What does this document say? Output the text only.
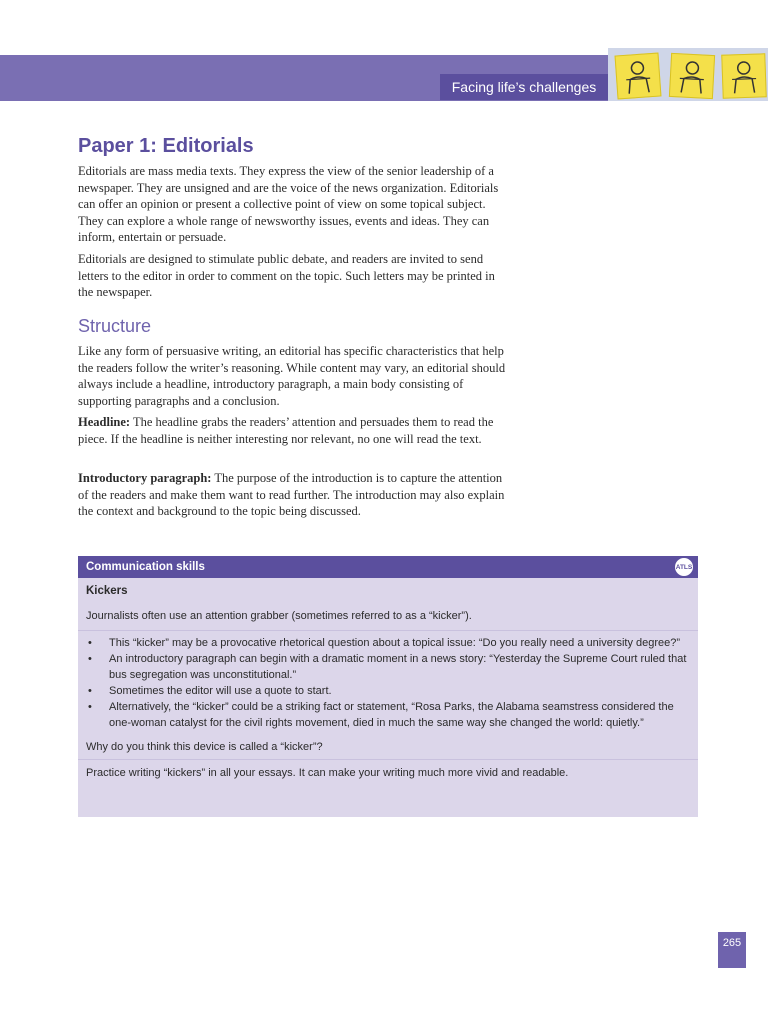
Facing life’s challenges
Paper 1: Editorials

Editorials are mass media texts. They express the view of the senior leadership of a newspaper. They are unsigned and are the voice of the news organization. Editorials can offer an opinion or present a collective point of view on some topical subject. They can explore a whole range of newsworthy issues, events and ideas. They can inform, entertain or persuade.

Editorials are designed to stimulate public debate, and readers are invited to send letters to the editor in order to comment on the topic. Such letters may be printed in the newspaper.

Structure

Like any form of persuasive writing, an editorial has specific characteristics that help the readers follow the writer’s reasoning. While content may vary, an editorial should always include a headline, introductory paragraph, a main body consisting of supporting paragraphs and a conclusion.

Headline: The headline grabs the readers’ attention and persuades them to read the piece. If the headline is neither interesting nor relevant, no one will read the text.

Introductory paragraph: The purpose of the introduction is to capture the attention of the readers and make them want to read further. The introduction may also explain the context and background to the topic being discussed.

Communication skills	ATLS
Kickers
Journalists often use an attention grabber (sometimes referred to as a “kicker”).
• This “kicker” may be a provocative rhetorical question about a topical issue: “Do you really need a university degree?”
• An introductory paragraph can begin with a dramatic moment in a news story: “Yesterday the Supreme Court ruled that bus segregation was unconstitutional.”
• Sometimes the editor will use a quote to start.
• Alternatively, the “kicker” could be a striking fact or statement, “Rosa Parks, the Alabama seamstress considered the one-woman catalyst for the civil rights movement, died in much the same way she changed the world: quietly.”
Why do you think this device is called a “kicker”?
Practice writing “kickers” in all your essays. It can make your writing much more vivid and readable.
265
